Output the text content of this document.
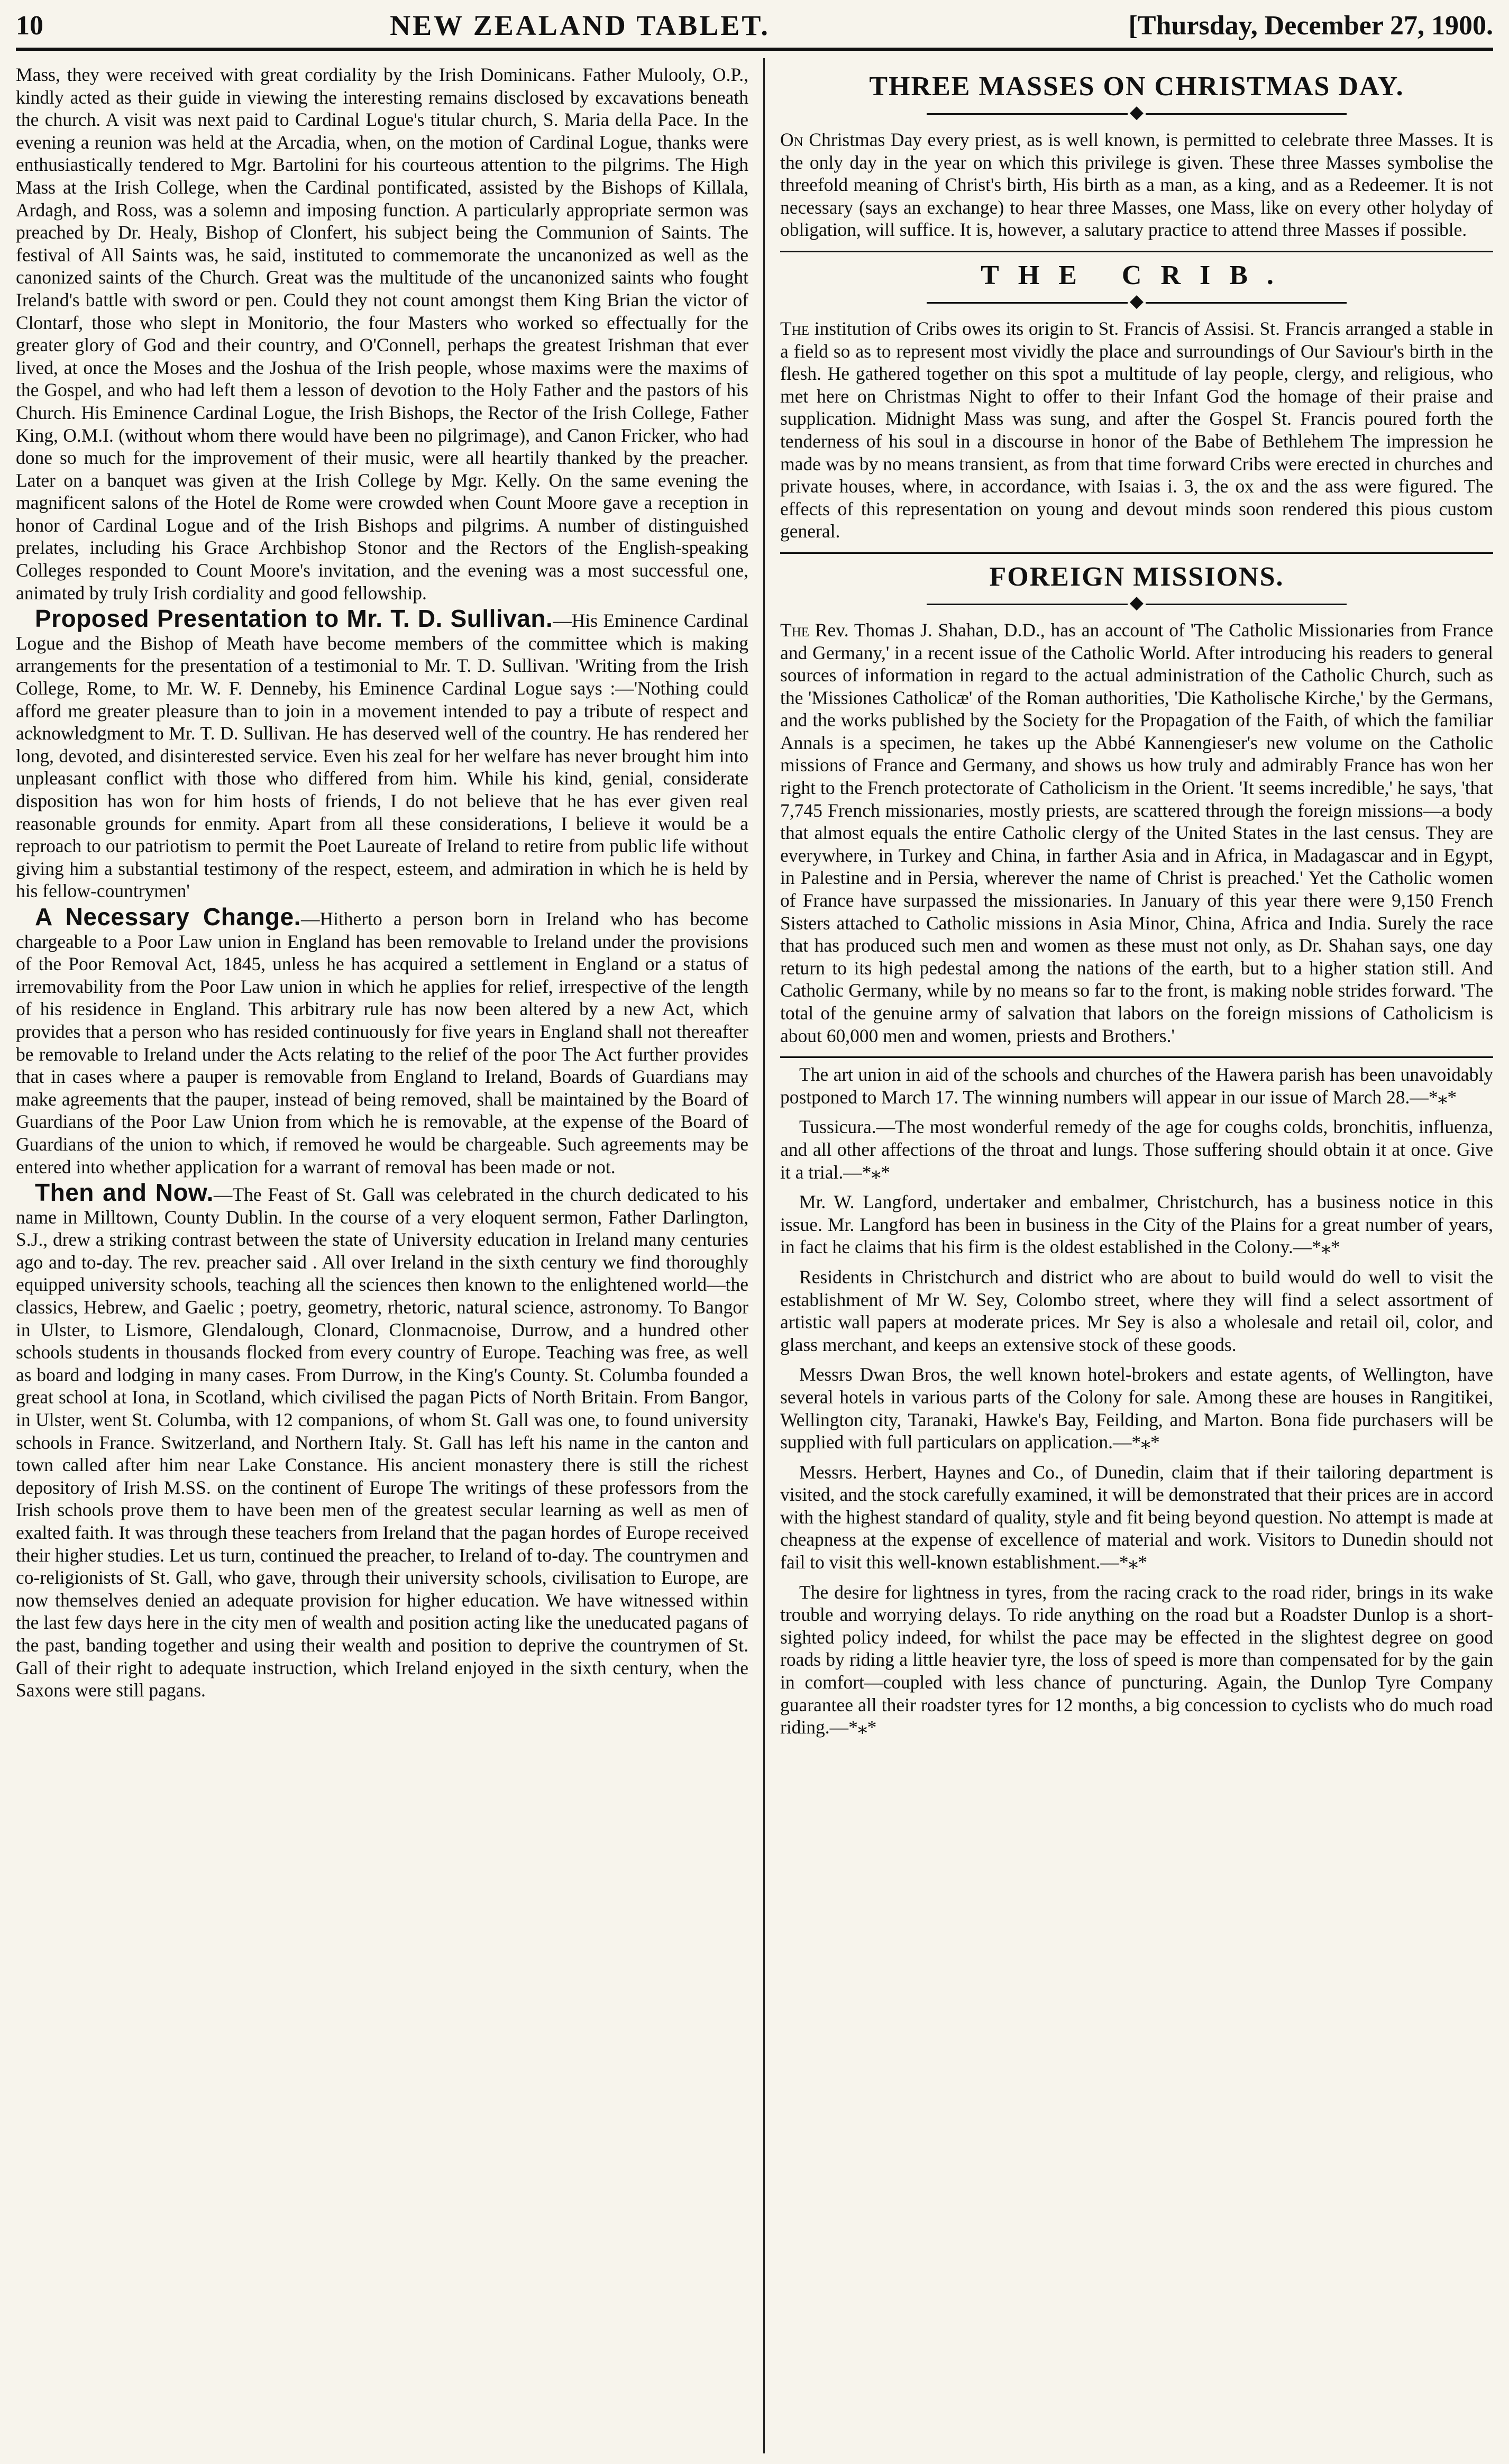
10	NEW ZEALAND TABLET.	[Thursday, December 27, 1900.

Mass, they were received with great cordiality by the Irish Dominicans. Father Mulooly, O.P., kindly acted as their guide in viewing the interesting remains disclosed by excavations beneath the church. A visit was next paid to Cardinal Logue's titular church, S. Maria della Pace. In the evening a reunion was held at the Arcadia, when, on the motion of Cardinal Logue, thanks were enthusiastically tendered to Mgr. Bartolini for his courteous attention to the pilgrims. The High Mass at the Irish College, when the Cardinal pontificated, assisted by the Bishops of Killala, Ardagh, and Ross, was a solemn and imposing function. A particularly appropriate sermon was preached by Dr. Healy, Bishop of Clonfert, his subject being the Communion of Saints. The festival of All Saints was, he said, instituted to commemorate the uncanonized as well as the canonized saints of the Church. Great was the multitude of the uncanonized saints who fought Ireland's battle with sword or pen. Could they not count amongst them King Brian the victor of Clontarf, those who slept in Monitorio, the four Masters who worked so effectually for the greater glory of God and their country, and O'Connell, perhaps the greatest Irishman that ever lived, at once the Moses and the Joshua of the Irish people, whose maxims were the maxims of the Gospel, and who had left them a lesson of devotion to the Holy Father and the pastors of his Church. His Eminence Cardinal Logue, the Irish Bishops, the Rector of the Irish College, Father King, O.M.I. (without whom there would have been no pilgrimage), and Canon Fricker, who had done so much for the improvement of their music, were all heartily thanked by the preacher. Later on a banquet was given at the Irish College by Mgr. Kelly. On the same evening the magnificent salons of the Hotel de Rome were crowded when Count Moore gave a reception in honor of Cardinal Logue and of the Irish Bishops and pilgrims. A number of distinguished prelates, including his Grace Archbishop Stonor and the Rectors of the English-speaking Colleges responded to Count Moore's invitation, and the evening was a most successful one, animated by truly Irish cordiality and good fellowship.

Proposed Presentation to Mr. T. D. Sullivan.—His Eminence Cardinal Logue and the Bishop of Meath have become members of the committee which is making arrangements for the presentation of a testimonial to Mr. T. D. Sullivan. 'Writing from the Irish College, Rome, to Mr. W. F. Denneby, his Eminence Cardinal Logue says :—'Nothing could afford me greater pleasure than to join in a movement intended to pay a tribute of respect and acknowledgment to Mr. T. D. Sullivan. He has deserved well of the country. He has rendered her long, devoted, and disinterested service. Even his zeal for her welfare has never brought him into unpleasant conflict with those who differed from him. While his kind, genial, considerate disposition has won for him hosts of friends, I do not believe that he has ever given real reasonable grounds for enmity. Apart from all these considerations, I believe it would be a reproach to our patriotism to permit the Poet Laureate of Ireland to retire from public life without giving him a substantial testimony of the respect, esteem, and admiration in which he is held by his fellow-countrymen'

A Necessary Change.—Hitherto a person born in Ireland who has become chargeable to a Poor Law union in England has been removable to Ireland under the provisions of the Poor Removal Act, 1845, unless he has acquired a settlement in England or a status of irremovability from the Poor Law union in which he applies for relief, irrespective of the length of his residence in England. This arbitrary rule has now been altered by a new Act, which provides that a person who has resided continuously for five years in England shall not thereafter be removable to Ireland under the Acts relating to the relief of the poor The Act further provides that in cases where a pauper is removable from England to Ireland, Boards of Guardians may make agreements that the pauper, instead of being removed, shall be maintained by the Board of Guardians of the Poor Law Union from which he is removable, at the expense of the Board of Guardians of the union to which, if removed he would be chargeable. Such agreements may be entered into whether application for a warrant of removal has been made or not.

Then and Now.—The Feast of St. Gall was celebrated in the church dedicated to his name in Milltown, County Dublin. In the course of a very eloquent sermon, Father Darlington, S.J., drew a striking contrast between the state of University education in Ireland many centuries ago and to-day. The rev. preacher said . All over Ireland in the sixth century we find thoroughly equipped university schools, teaching all the sciences then known to the enlightened world—the classics, Hebrew, and Gaelic ; poetry, geometry, rhetoric, natural science, astronomy. To Bangor in Ulster, to Lismore, Glendalough, Clonard, Clonmacnoise, Durrow, and a hundred other schools students in thousands flocked from every country of Europe. Teaching was free, as well as board and lodging in many cases. From Durrow, in the King's County. St. Columba founded a great school at Iona, in Scotland, which civilised the pagan Picts of North Britain. From Bangor, in Ulster, went St. Columba, with 12 companions, of whom St. Gall was one, to found university schools in France. Switzerland, and Northern Italy. St. Gall has left his name in the canton and town called after him near Lake Constance. His ancient monastery there is still the richest depository of Irish M.SS. on the continent of Europe The writings of these professors from the Irish schools prove them to have been men of the greatest secular learning as well as men of exalted faith. It was through these teachers from Ireland that the pagan hordes of Europe received their higher studies. Let us turn, continued the preacher, to Ireland of to-day. The countrymen and co-religionists of St. Gall, who gave, through their university schools, civilisation to Europe, are now themselves denied an adequate provision for higher education. We have witnessed within the last few days here in the city men of wealth and position acting like the uneducated pagans of the past, banding together and using their wealth and position to deprive the countrymen of St. Gall of their right to adequate instruction, which Ireland enjoyed in the sixth century, when the Saxons were still pagans.

THREE MASSES ON CHRISTMAS DAY.
◆

On Christmas Day every priest, as is well known, is permitted to celebrate three Masses. It is the only day in the year on which this privilege is given. These three Masses symbolise the threefold meaning of Christ's birth, His birth as a man, as a king, and as a Redeemer. It is not necessary (says an exchange) to hear three Masses, one Mass, like on every other holyday of obligation, will suffice. It is, however, a salutary practice to attend three Masses if possible.

THE CRIB.
◆

The institution of Cribs owes its origin to St. Francis of Assisi. St. Francis arranged a stable in a field so as to represent most vividly the place and surroundings of Our Saviour's birth in the flesh. He gathered together on this spot a multitude of lay people, clergy, and religious, who met here on Christmas Night to offer to their Infant God the homage of their praise and supplication. Midnight Mass was sung, and after the Gospel St. Francis poured forth the tenderness of his soul in a discourse in honor of the Babe of Bethlehem The impression he made was by no means transient, as from that time forward Cribs were erected in churches and private houses, where, in accordance, with Isaias i. 3, the ox and the ass were figured. The effects of this representation on young and devout minds soon rendered this pious custom general.

FOREIGN MISSIONS.
◆

The Rev. Thomas J. Shahan, D.D., has an account of 'The Catholic Missionaries from France and Germany,' in a recent issue of the Catholic World. After introducing his readers to general sources of information in regard to the actual administration of the Catholic Church, such as the 'Missiones Catholicæ' of the Roman authorities, 'Die Katholische Kirche,' by the Germans, and the works published by the Society for the Propagation of the Faith, of which the familiar Annals is a specimen, he takes up the Abbé Kannengieser's new volume on the Catholic missions of France and Germany, and shows us how truly and admirably France has won her right to the French protectorate of Catholicism in the Orient. 'It seems incredible,' he says, 'that 7,745 French missionaries, mostly priests, are scattered through the foreign missions—a body that almost equals the entire Catholic clergy of the United States in the last census. They are everywhere, in Turkey and China, in farther Asia and in Africa, in Madagascar and in Egypt, in Palestine and in Persia, wherever the name of Christ is preached.' Yet the Catholic women of France have surpassed the missionaries. In January of this year there were 9,150 French Sisters attached to Catholic missions in Asia Minor, China, Africa and India. Surely the race that has produced such men and women as these must not only, as Dr. Shahan says, one day return to its high pedestal among the nations of the earth, but to a higher station still. And Catholic Germany, while by no means so far to the front, is making noble strides forward. 'The total of the genuine army of salvation that labors on the foreign missions of Catholicism is about 60,000 men and women, priests and Brothers.'

The art union in aid of the schools and churches of the Hawera parish has been unavoidably postponed to March 17. The winning numbers will appear in our issue of March 28.—*⁎*

Tussicura.—The most wonderful remedy of the age for coughs colds, bronchitis, influenza, and all other affections of the throat and lungs. Those suffering should obtain it at once. Give it a trial.—*⁎*

Mr. W. Langford, undertaker and embalmer, Christchurch, has a business notice in this issue. Mr. Langford has been in business in the City of the Plains for a great number of years, in fact he claims that his firm is the oldest established in the Colony.—*⁎*

Residents in Christchurch and district who are about to build would do well to visit the establishment of Mr W. Sey, Colombo street, where they will find a select assortment of artistic wall papers at moderate prices. Mr Sey is also a wholesale and retail oil, color, and glass merchant, and keeps an extensive stock of these goods.

Messrs Dwan Bros, the well known hotel-brokers and estate agents, of Wellington, have several hotels in various parts of the Colony for sale. Among these are houses in Rangitikei, Wellington city, Taranaki, Hawke's Bay, Feilding, and Marton. Bona fide purchasers will be supplied with full particulars on application.—*⁎*

Messrs. Herbert, Haynes and Co., of Dunedin, claim that if their tailoring department is visited, and the stock carefully examined, it will be demonstrated that their prices are in accord with the highest standard of quality, style and fit being beyond question. No attempt is made at cheapness at the expense of excellence of material and work. Visitors to Dunedin should not fail to visit this well-known establishment.—*⁎*

The desire for lightness in tyres, from the racing crack to the road rider, brings in its wake trouble and worrying delays. To ride anything on the road but a Roadster Dunlop is a short-sighted policy indeed, for whilst the pace may be effected in the slightest degree on good roads by riding a little heavier tyre, the loss of speed is more than compensated for by the gain in comfort—coupled with less chance of puncturing. Again, the Dunlop Tyre Company guarantee all their roadster tyres for 12 months, a big concession to cyclists who do much road riding.—*⁎*
